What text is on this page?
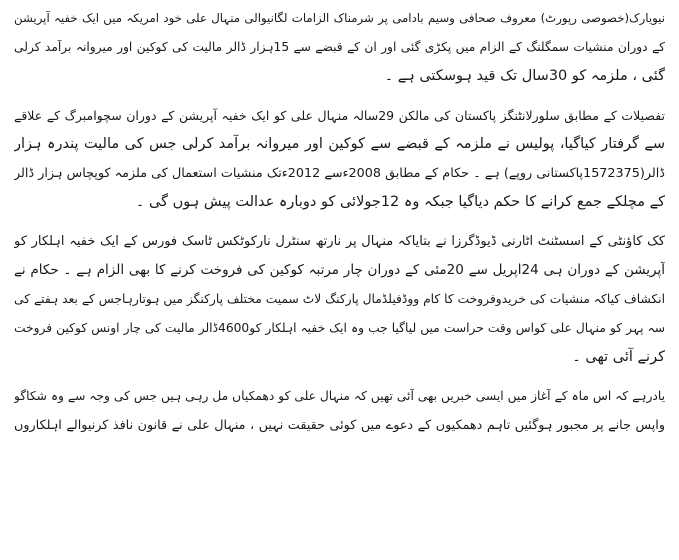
نیویارک(خصوصی رپورٹ) معروف صحافی وسیم بادامی پر شرمناک الزامات لگانیوالی منہال علی خود امریکہ میں ایک خفیہ آپریشن
کے دوران منشیات سمگلنگ کے الزام میں پکڑی گئی اور ان کے قبضے سے 15ہزار ڈالر مالیت کی کوکین اور میروانہ برآمد کرلی
گئی ، ملزمہ کو 30سال تک قید ہوسکتی ہے ۔
تفصیلات کے مطابق سلورلانٹنگز پاکستان کی مالکن 29سالہ منہال علی کو ایک خفیہ آپریشن کے دوران سچوامبرگ کے علاقے
سے گرفتار کیاگیا، پولیس نے ملزمہ کے قبضے سے کوکین اور میروانہ برآمد کرلی جس کی مالیت پندرہ ہزار
ڈالر(1572375پاکستانی روپے) ہے ۔ حکام کے مطابق 2008ءسے 2012ءتک منشیات استعمال کی ملزمہ کوپچاس ہزار ڈالر
کے مچلکے جمع کرانے کا حکم دیاگیا جبکہ وہ 12جولائی کو دوبارہ عدالت پیش ہوں گی ۔
کک کاؤنٹی کے اسسٹنٹ اٹارنی ڈیوڈگرزا نے بتایاکہ منہال پر نارتھ سنٹرل نارکوٹکس ٹاسک فورس کے ایک خفیہ اہلکار کو
آپریشن کے دوران ہی 24اپریل سے 20مئی کے دوران چار مرتبہ کوکین کی فروخت کرنے کا بھی الزام ہے ۔ حکام نے
انکشاف کیاکہ منشیات کی خریدوفروخت کا کام ووڈفیلڈمال پارکنگ لاٹ سمیت مختلف پارکنگز میں ہوتارہاجس کے بعد ہفتے کی
سہ پہر کو منہال علی کواس وقت حراست میں لیاگیا جب وہ ایک خفیہ اہلکار کو4600ڈالر مالیت کی چار اونس کوکین فروخت
کرنے آئی تھی ۔
یادرہے کہ اس ماہ کے آغاز میں ایسی خبریں بھی آئی تھیں کہ منہال علی کو دھمکیاں مل رہی ہیں جس کی وجہ سے وہ شکاگو
واپس جانے پر مجبور ہوگئیں تاہم دھمکیوں کے دعوے میں کوئی حقیقت نہیں ، منہال علی نے قانون نافذ کرنیوالے اہلکاروں
